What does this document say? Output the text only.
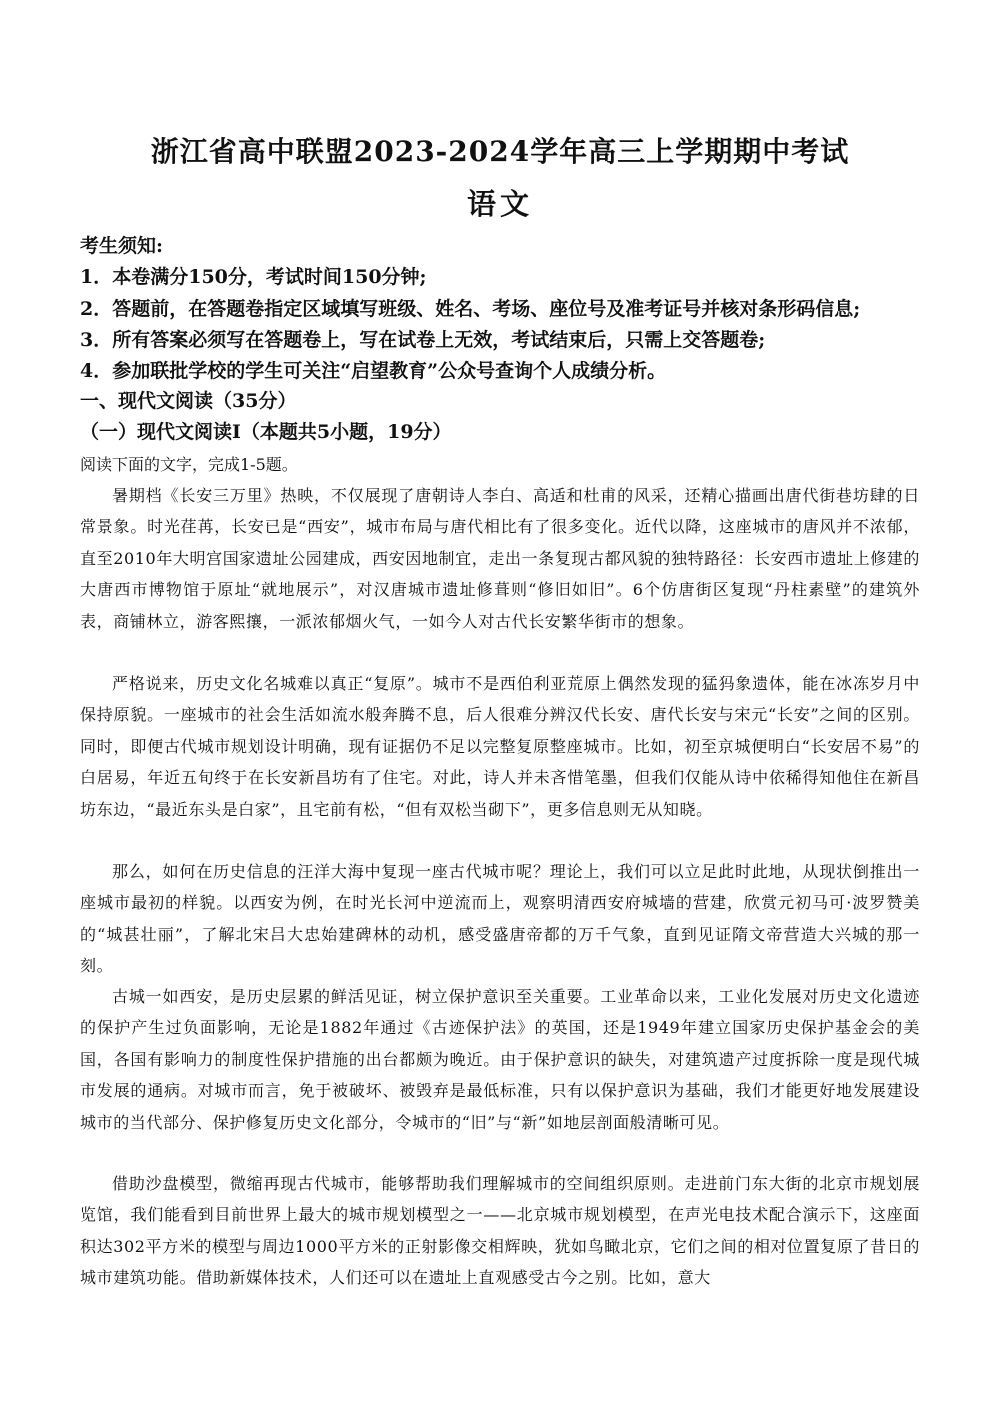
浙江省高中联盟2023-2024学年高三上学期期中考试
语文
考生须知:
1．本卷满分150分，考试时间150分钟;
2．答题前，在答题卷指定区域填写班级、姓名、考场、座位号及准考证号并核对条形码信息;
3．所有答案必须写在答题卷上，写在试卷上无效，考试结束后，只需上交答题卷;
4．参加联批学校的学生可关注“启望教育”公众号查询个人成绩分析。
一、现代文阅读（35分）
（一）现代文阅读Ⅰ（本题共5小题，19分）
阅读下面的文字，完成1-5题。

暑期档《长安三万里》热映，不仅展现了唐朝诗人李白、高适和杜甫的风采，还精心描画出唐代街巷坊肆的日常景象。时光荏苒，长安已是“西安”，城市布局与唐代相比有了很多变化。近代以降，这座城市的唐风并不浓郁，直至2010年大明宫国家遗址公园建成，西安因地制宜，走出一条复现古都风貌的独特路径：长安西市遗址上修建的大唐西市博物馆于原址“就地展示”，对汉唐城市遗址修葺则“修旧如旧”。6个仿唐街区复现“丹柱素壁”的建筑外表，商铺林立，游客熙攘，一派浓郁烟火气，一如今人对古代长安繁华街市的想象。

严格说来，历史文化名城难以真正“复原”。城市不是西伯利亚荒原上偶然发现的猛犸象遗体，能在冰冻岁月中保持原貌。一座城市的社会生活如流水般奔腾不息，后人很难分辨汉代长安、唐代长安与宋元“长安”之间的区别。同时，即便古代城市规划设计明确，现有证据仍不足以完整复原整座城市。比如，初至京城便明白“长安居不易”的白居易，年近五旬终于在长安新昌坊有了住宅。对此，诗人并未吝惜笔墨，但我们仅能从诗中依稀得知他住在新昌坊东边，“最近东头是白家”，且宅前有松，“但有双松当砌下”，更多信息则无从知晓。

那么，如何在历史信息的汪洋大海中复现一座古代城市呢？理论上，我们可以立足此时此地，从现状倒推出一座城市最初的样貌。以西安为例，在时光长河中逆流而上，观察明清西安府城墙的营建，欣赏元初马可·波罗赞美的“城甚壮丽”，了解北宋吕大忠始建碑林的动机，感受盛唐帝都的万千气象，直到见证隋文帝营造大兴城的那一刻。

古城一如西安，是历史层累的鲜活见证，树立保护意识至关重要。工业革命以来，工业化发展对历史文化遗迹的保护产生过负面影响，无论是1882年通过《古迹保护法》的英国，还是1949年建立国家历史保护基金会的美国，各国有影响力的制度性保护措施的出台都颇为晚近。由于保护意识的缺失，对建筑遗产过度拆除一度是现代城市发展的通病。对城市而言，免于被破坏、被毁弃是最低标准，只有以保护意识为基础，我们才能更好地发展建设城市的当代部分、保护修复历史文化部分，令城市的“旧”与“新”如地层剖面般清晰可见。

借助沙盘模型，微缩再现古代城市，能够帮助我们理解城市的空间组织原则。走进前门东大街的北京市规划展览馆，我们能看到目前世界上最大的城市规划模型之一——北京城市规划模型，在声光电技术配合演示下，这座面积达302平方米的模型与周边1000平方米的正射影像交相辉映，犹如鸟瞰北京，它们之间的相对位置复原了昔日的城市建筑功能。借助新媒体技术，人们还可以在遗址上直观感受古今之别。比如，意大
